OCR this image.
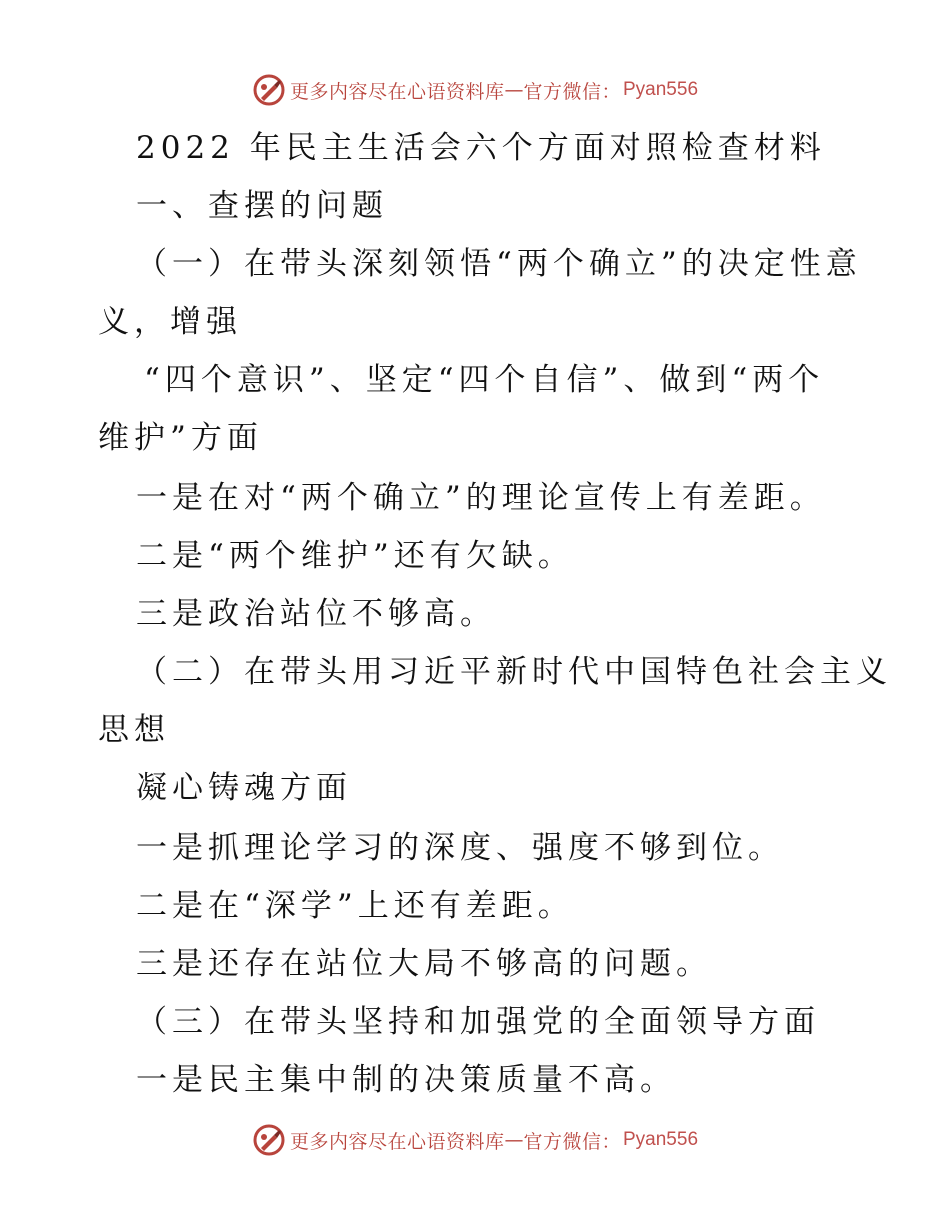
更多内容尽在心语资料库 — 官方微信： Pyan556
2022 年民主生活会六个方面对照检查材料
一、查摆的问题
（一）在带头深刻领悟“两个确立”的决定性意
义，增强
“四个意识”、坚定“四个自信”、做到“两个
维护”方面
一是在对“两个确立”的理论宣传上有差距。
二是“两个维护”还有欠缺。
三是政治站位不够高。
（二）在带头用习近平新时代中国特色社会主义
思想
凝心铸魂方面
一是抓理论学习的深度、强度不够到位。
二是在“深学”上还有差距。
三是还存在站位大局不够高的问题。
（三）在带头坚持和加强党的全面领导方面
一是民主集中制的决策质量不高。
更多内容尽在心语资料库 — 官方微信： Pyan556
